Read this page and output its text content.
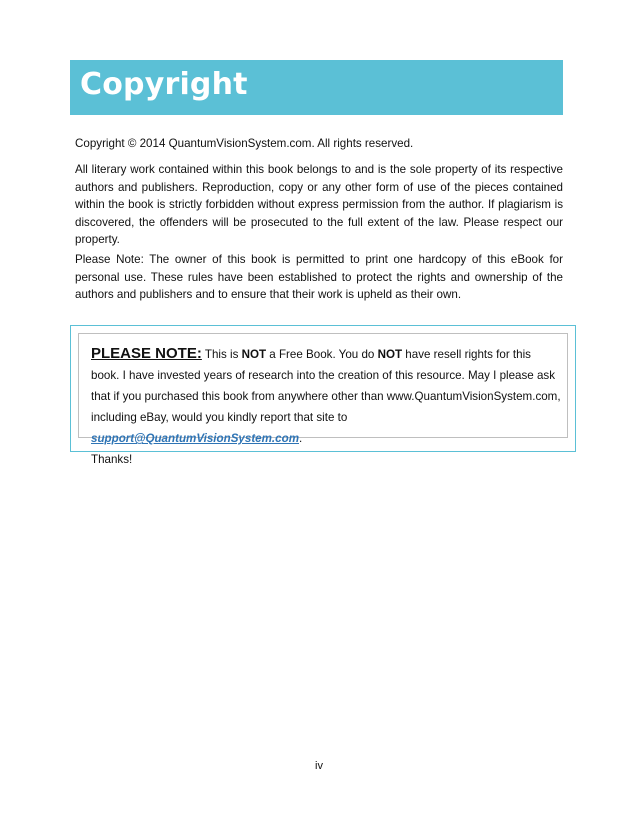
Copyright

Copyright © 2014 QuantumVisionSystem.com. All rights reserved.

All literary work contained within this book belongs to and is the sole property of its respective authors and publishers. Reproduction, copy or any other form of use of the pieces contained within the book is strictly forbidden without express permission from the author. If plagiarism is discovered, the offenders will be prosecuted to the full extent of the law. Please respect our property.

Please Note: The owner of this book is permitted to print one hardcopy of this eBook for personal use. These rules have been established to protect the rights and ownership of the authors and publishers and to ensure that their work is upheld as their own.

PLEASE NOTE: This is NOT a Free Book. You do NOT have resell rights for this book. I have invested years of research into the creation of this resource. May I please ask that if you purchased this book from anywhere other than www.QuantumVisionSystem.com, including eBay, would you kindly report that site to support@QuantumVisionSystem.com.
Thanks!
iv
